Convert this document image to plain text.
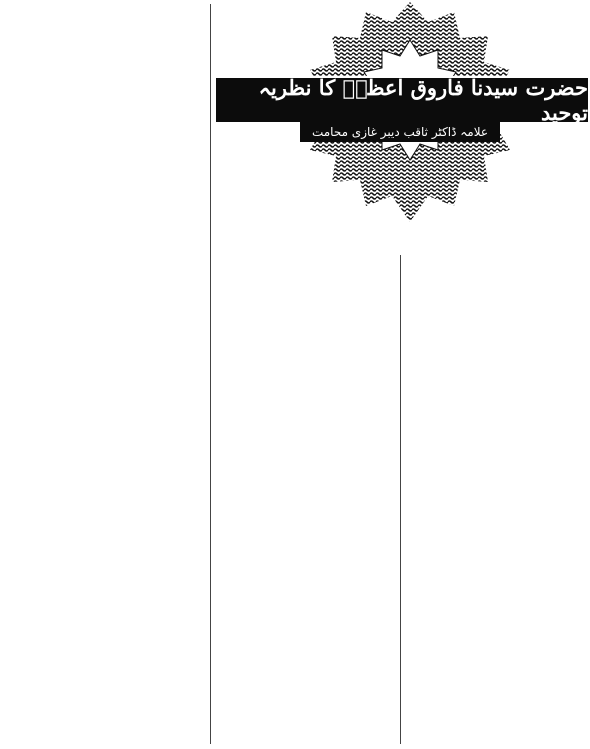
حضرت سیدنا فاروق اعظمؓ کا نظریہ توحید
علامہ ڈاکٹر ثاقب دیبر غازی محامت
